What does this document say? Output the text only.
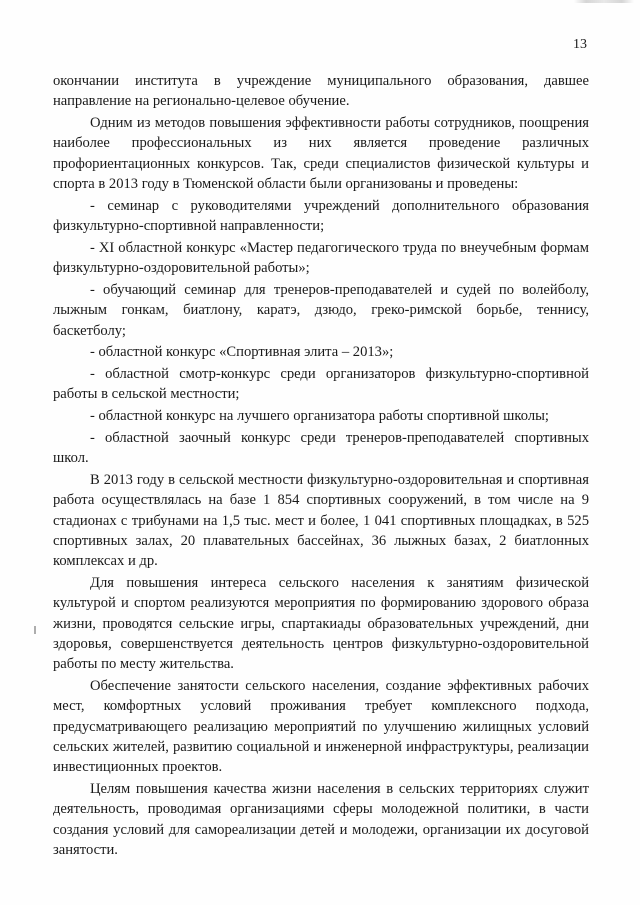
13

окончании института в учреждение муниципального образования, давшее направление на регионально-целевое обучение.

Одним из методов повышения эффективности работы сотрудников, поощрения наиболее профессиональных из них является проведение различных профориентационных конкурсов. Так, среди специалистов физической культуры и спорта в 2013 году в Тюменской области были организованы и проведены:

- семинар с руководителями учреждений дополнительного образования физкультурно-спортивной направленности;

- XI областной конкурс «Мастер педагогического труда по внеучебным формам физкультурно-оздоровительной работы»;

- обучающий семинар для тренеров-преподавателей и судей по волейболу, лыжным гонкам, биатлону, каратэ, дзюдо, греко-римской борьбе, теннису, баскетболу;

- областной конкурс «Спортивная элита – 2013»;

- областной смотр-конкурс среди организаторов физкультурно-спортивной работы в сельской местности;

- областной конкурс на лучшего организатора работы спортивной школы;

- областной заочный конкурс среди тренеров-преподавателей спортивных школ.

В 2013 году в сельской местности физкультурно-оздоровительная и спортивная работа осуществлялась на базе 1 854 спортивных сооружений, в том числе на 9 стадионах с трибунами на 1,5 тыс. мест и более, 1 041 спортивных площадках, в 525 спортивных залах, 20 плавательных бассейнах, 36 лыжных базах, 2 биатлонных комплексах и др.

Для повышения интереса сельского населения к занятиям физической культурой и спортом реализуются мероприятия по формированию здорового образа жизни, проводятся сельские игры, спартакиады образовательных учреждений, дни здоровья, совершенствуется деятельность центров физкультурно-оздоровительной работы по месту жительства.

Обеспечение занятости сельского населения, создание эффективных рабочих мест, комфортных условий проживания требует комплексного подхода, предусматривающего реализацию мероприятий по улучшению жилищных условий сельских жителей, развитию социальной и инженерной инфраструктуры, реализации инвестиционных проектов.

Целям повышения качества жизни населения в сельских территориях служит деятельность, проводимая организациями сферы молодежной политики, в части создания условий для самореализации детей и молодежи, организации их досуговой занятости.
